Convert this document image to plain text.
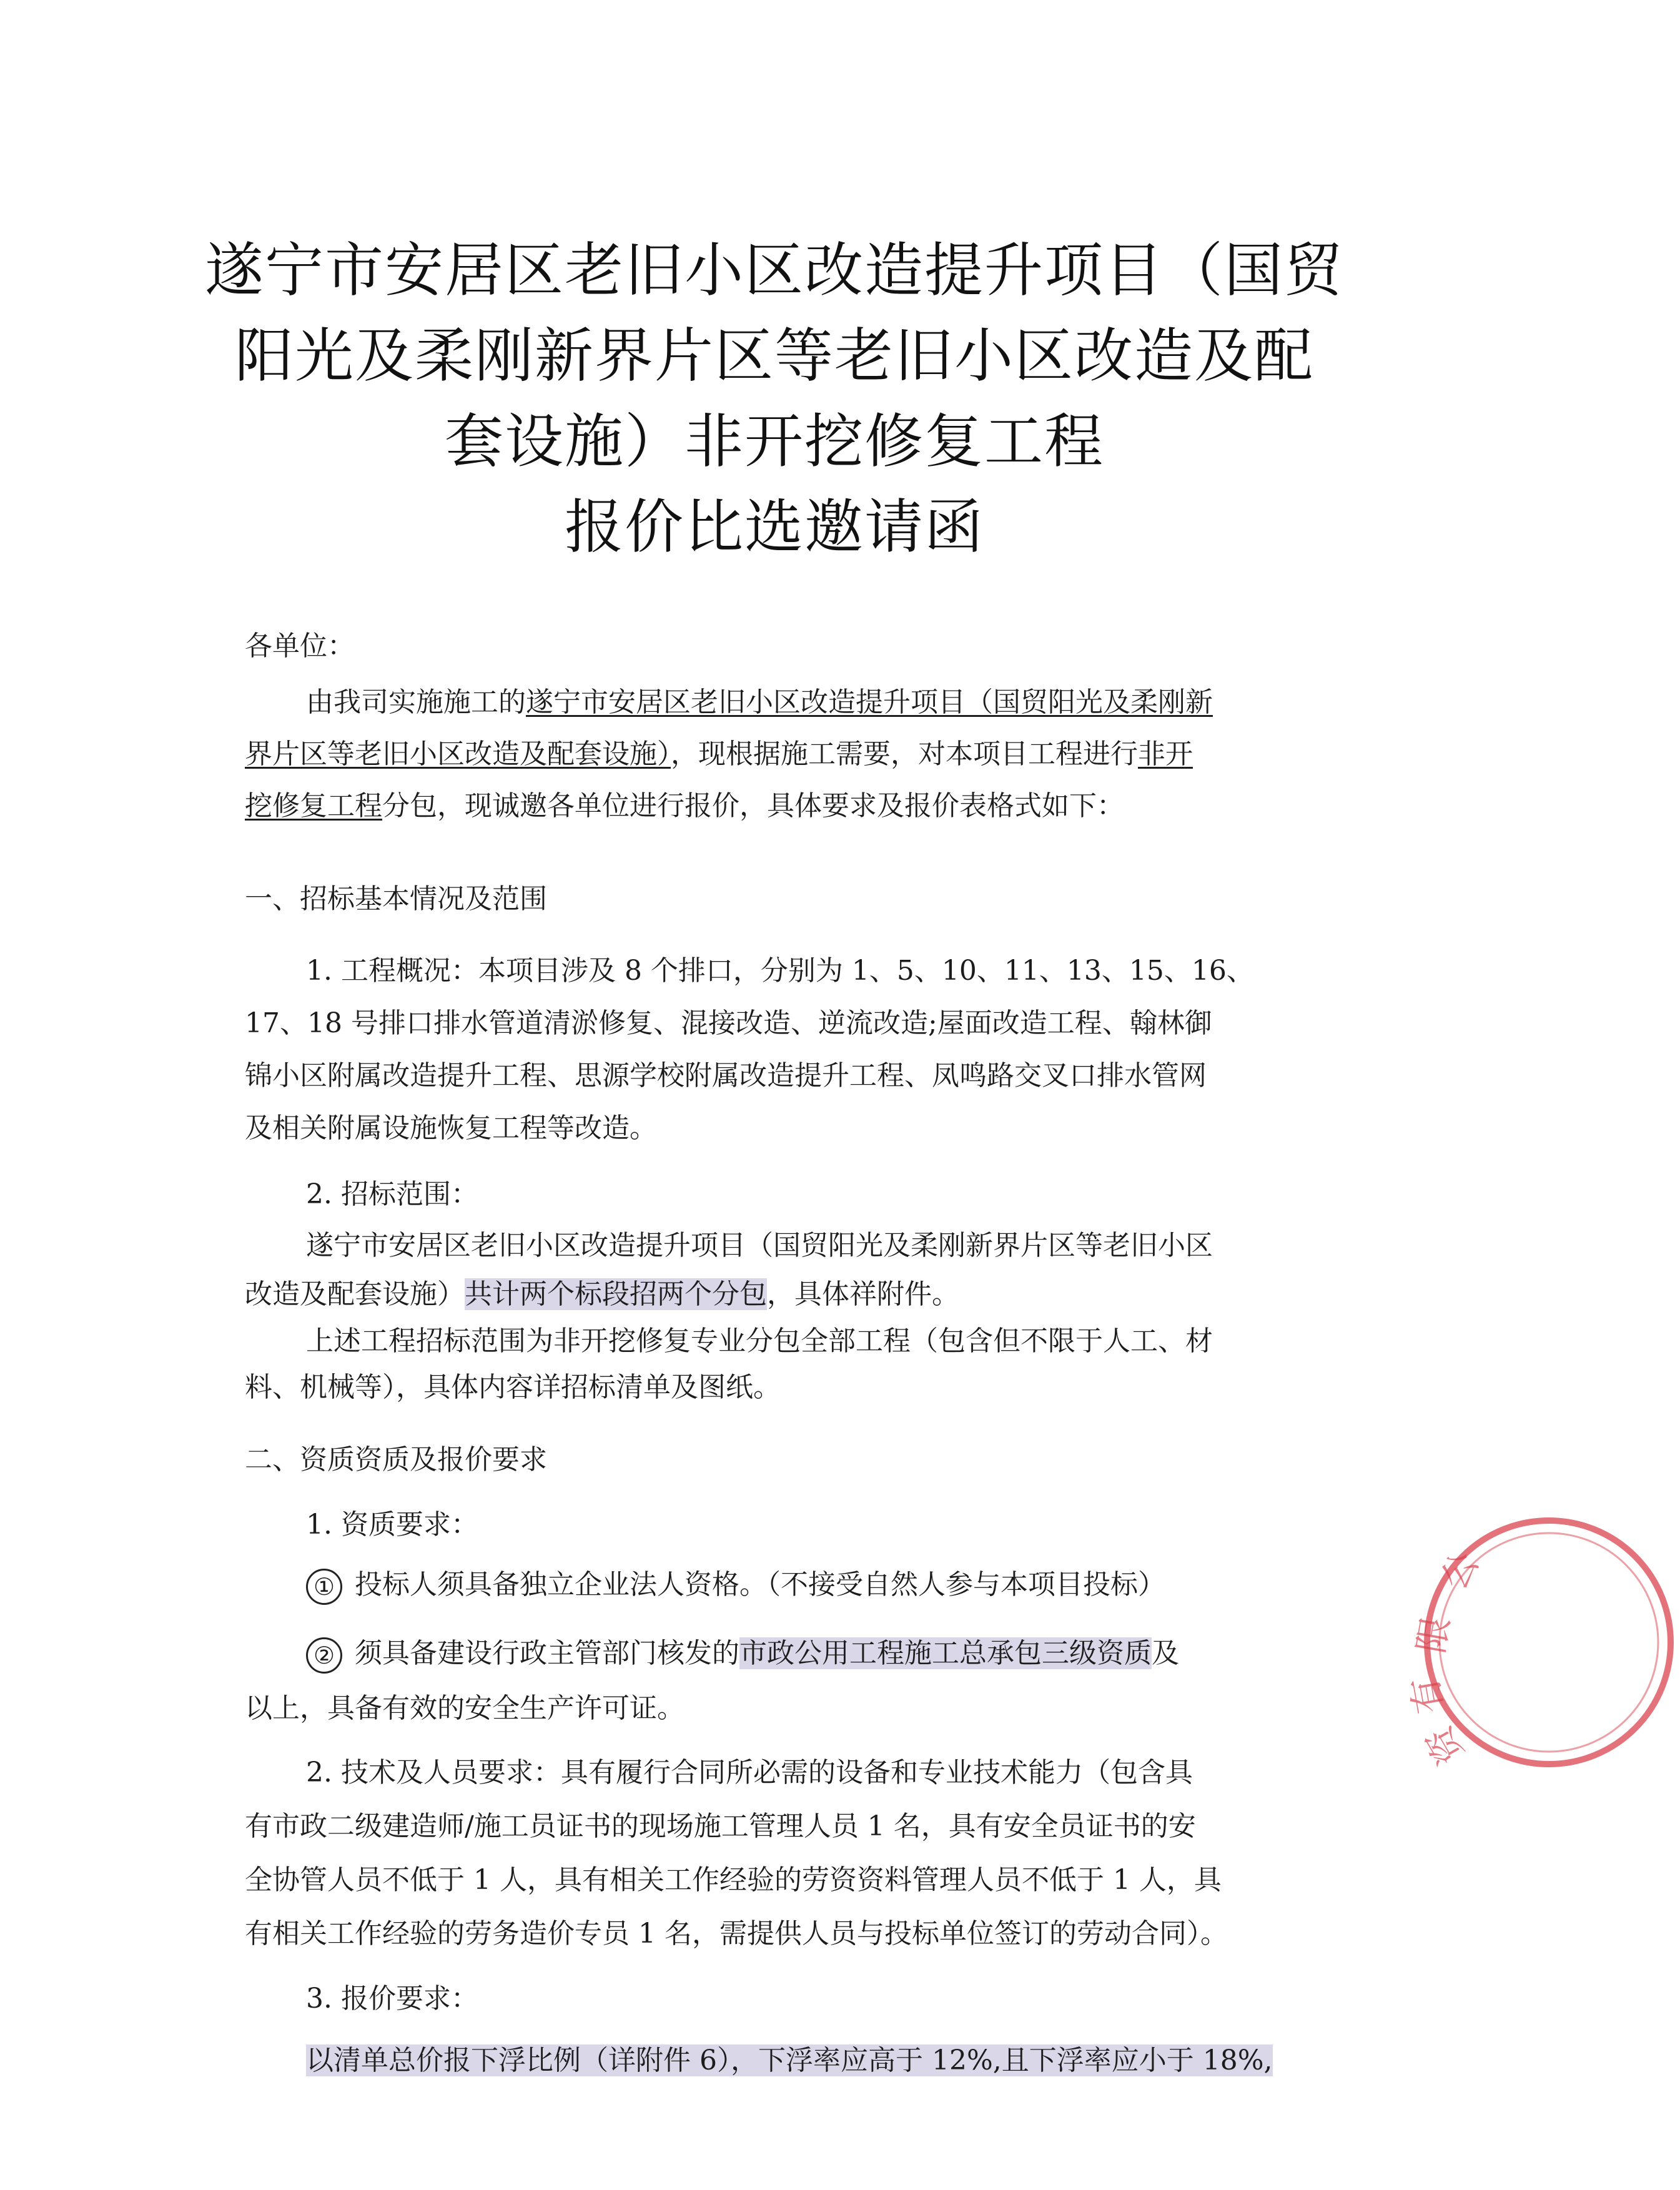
遂宁市安居区老旧小区改造提升项目（国贸
阳光及柔刚新界片区等老旧小区改造及配
套设施）非开挖修复工程
报价比选邀请函
各单位：
由我司实施施工的遂宁市安居区老旧小区改造提升项目（国贸阳光及柔刚新
界片区等老旧小区改造及配套设施），现根据施工需要，对本项目工程进行非开
挖修复工程分包，现诚邀各单位进行报价，具体要求及报价表格式如下：
一、招标基本情况及范围
1. 工程概况：本项目涉及 8 个排口，分别为 1、5、10、11、13、15、16、
17、18 号排口排水管道清淤修复、混接改造、逆流改造;屋面改造工程、翰林御
锦小区附属改造提升工程、思源学校附属改造提升工程、凤鸣路交叉口排水管网
及相关附属设施恢复工程等改造。
2. 招标范围：
遂宁市安居区老旧小区改造提升项目（国贸阳光及柔刚新界片区等老旧小区
改造及配套设施）共计两个标段招两个分包，具体祥附件。
上述工程招标范围为非开挖修复专业分包全部工程（包含但不限于人工、材
料、机械等），具体内容详招标清单及图纸。
二、资质资质及报价要求
1. 资质要求：
① 投标人须具备独立企业法人资格。（不接受自然人参与本项目投标）
② 须具备建设行政主管部门核发的市政公用工程施工总承包三级资质及
以上，具备有效的安全生产许可证。
2. 技术及人员要求：具有履行合同所必需的设备和专业技术能力（包含具
有市政二级建造师/施工员证书的现场施工管理人员 1 名，具有安全员证书的安
全协管人员不低于 1 人，具有相关工作经验的劳资资料管理人员不低于 1 人，具
有相关工作经验的劳务造价专员 1 名，需提供人员与投标单位签订的劳动合同）。
3. 报价要求：
以清单总价报下浮比例（详附件 6），下浮率应高于 12%,且下浮率应小于 18%,
公
限
有
资
